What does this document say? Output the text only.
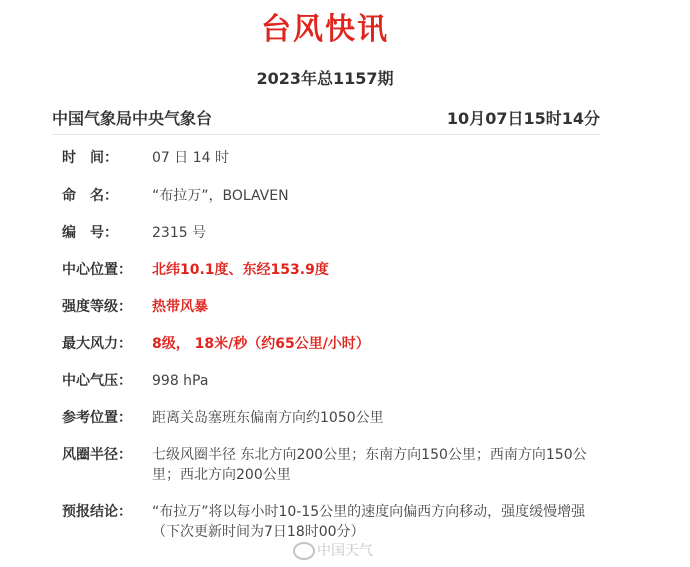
台风快讯
2023年总1157期
中国气象局中央气象台	10月07日15时14分
时　间：	07 日 14 时
命　名：	“布拉万”，BOLAVEN
编　号：	2315 号
中心位置：	北纬10.1度、东经153.9度
强度等级：	热带风暴
最大风力：	8级， 18米/秒（约65公里/小时）
中心气压：	998 hPa
参考位置：	距离关岛塞班东偏南方向约1050公里
风圈半径：	七级风圈半径 东北方向200公里；东南方向150公里；西南方向150公里；西北方向200公里
预报结论：	“布拉万”将以每小时10-15公里的速度向偏西方向移动，强度缓慢增强
（下次更新时间为7日18时00分）
中国天气
